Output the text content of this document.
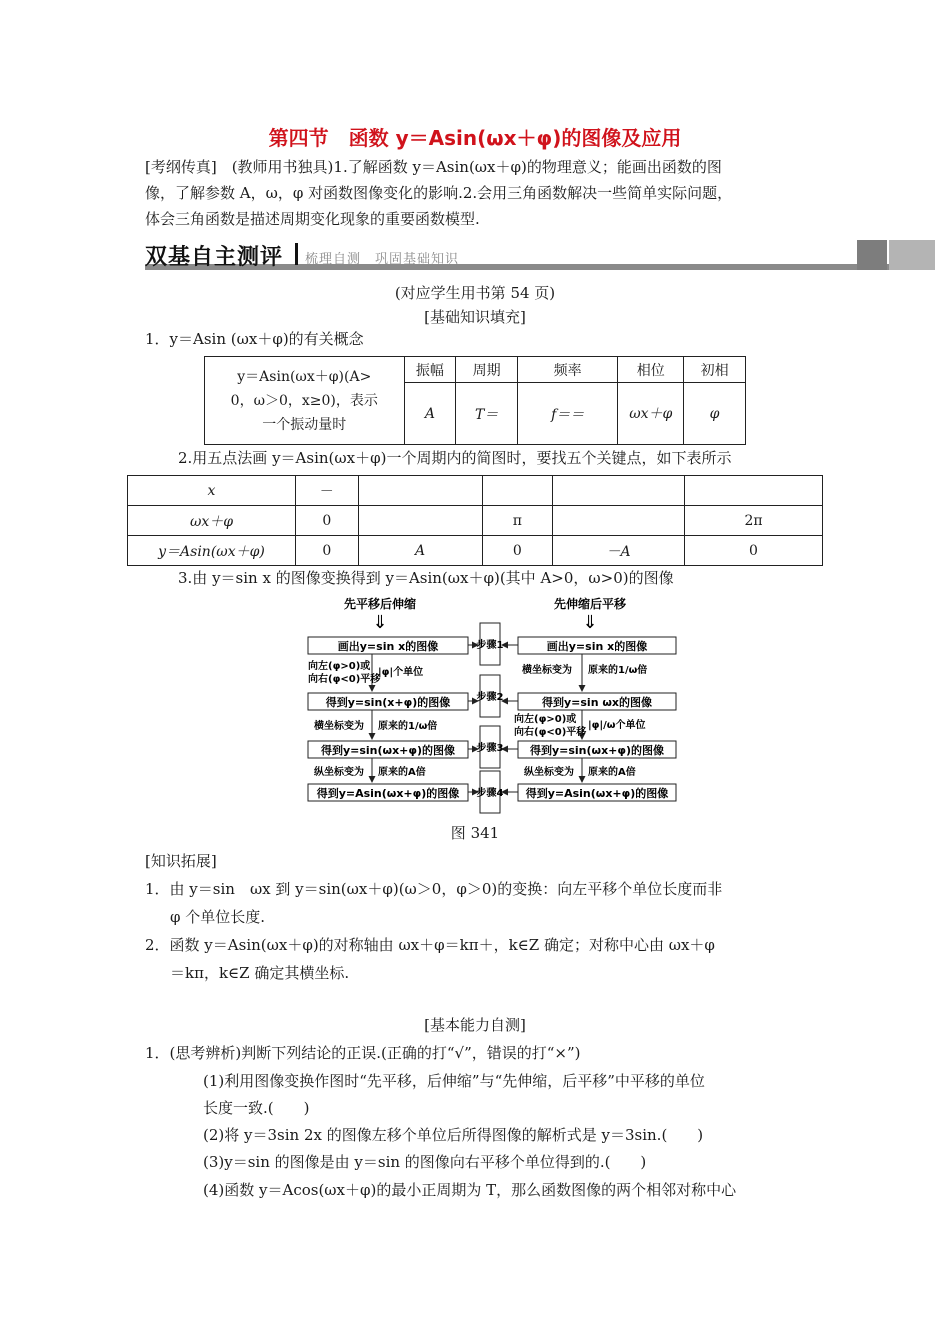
第四节　函数 y＝Asin(ωx＋φ)的图像及应用
[考纲传真]　(教师用书独具)1.了解函数 y＝Asin(ωx＋φ)的物理意义；能画出函数的图
像，了解参数 A，ω，φ 对函数图像变化的影响.2.会用三角函数解决一些简单实际问题，
体会三角函数是描述周期变化现象的重要函数模型.
双基自主测评 梳理自测　巩固基础知识
(对应学生用书第 54 页)
[基础知识填充]
1．y＝Asin (ωx＋φ)的有关概念
y＝Asin(ωx＋φ)(A>
0，ω＞0，x≥0)，表示
一个振动量时	振幅	周期	频率	相位	初相
	A	T＝	f＝＝	ωx＋φ	φ
2.用五点法画 y＝Asin(ωx＋φ)一个周期内的简图时，要找五个关键点，如下表所示
x	－				
ωx＋φ	0		π		2π
y＝Asin(ωx＋φ)	0	A	0	－A	0
3.由 y＝sin x 的图像变换得到 y＝Asin(ωx＋φ)(其中 A>0，ω>0)的图像
先平移后伸缩	先伸缩后平移
⇓	⇓
画出y=sin x的图像
得到y=sin(x+φ)的图像
得到y=sin(ωx+φ)的图像
得到y=Asin(ωx+φ)的图像
画出y=sin x的图像
得到y=sin ωx的图像
得到y=sin(ωx+φ)的图像
得到y=Asin(ωx+φ)的图像
步骤1
步骤2
步骤3
步骤4
向左(φ>0)或
向右(φ<0)平移
|φ|个单位
横坐标变为 原来的1/ω倍
纵坐标变为 原来的A倍
横坐标变为 原来的1/ω倍
向左(φ>0)或
向右(φ<0)平移
|φ|/ω个单位
纵坐标变为 原来的A倍
图 341
[知识拓展]
1．由 y＝sin　ωx 到 y＝sin(ωx＋φ)(ω＞0，φ＞0)的变换：向左平移个单位长度而非
φ 个单位长度.
2．函数 y＝Asin(ωx＋φ)的对称轴由 ωx＋φ＝kπ＋，k∈Z 确定；对称中心由 ωx＋φ
＝kπ，k∈Z 确定其横坐标.
[基本能力自测]
1．(思考辨析)判断下列结论的正误.(正确的打“√”，错误的打“×”)
(1)利用图像变换作图时“先平移，后伸缩”与“先伸缩，后平移”中平移的单位
长度一致.(　　)
(2)将 y＝3sin 2x 的图像左移个单位后所得图像的解析式是 y＝3sin.(　　)
(3)y＝sin 的图像是由 y＝sin 的图像向右平移个单位得到的.(　　)
(4)函数 y＝Acos(ωx＋φ)的最小正周期为 T，那么函数图像的两个相邻对称中心
